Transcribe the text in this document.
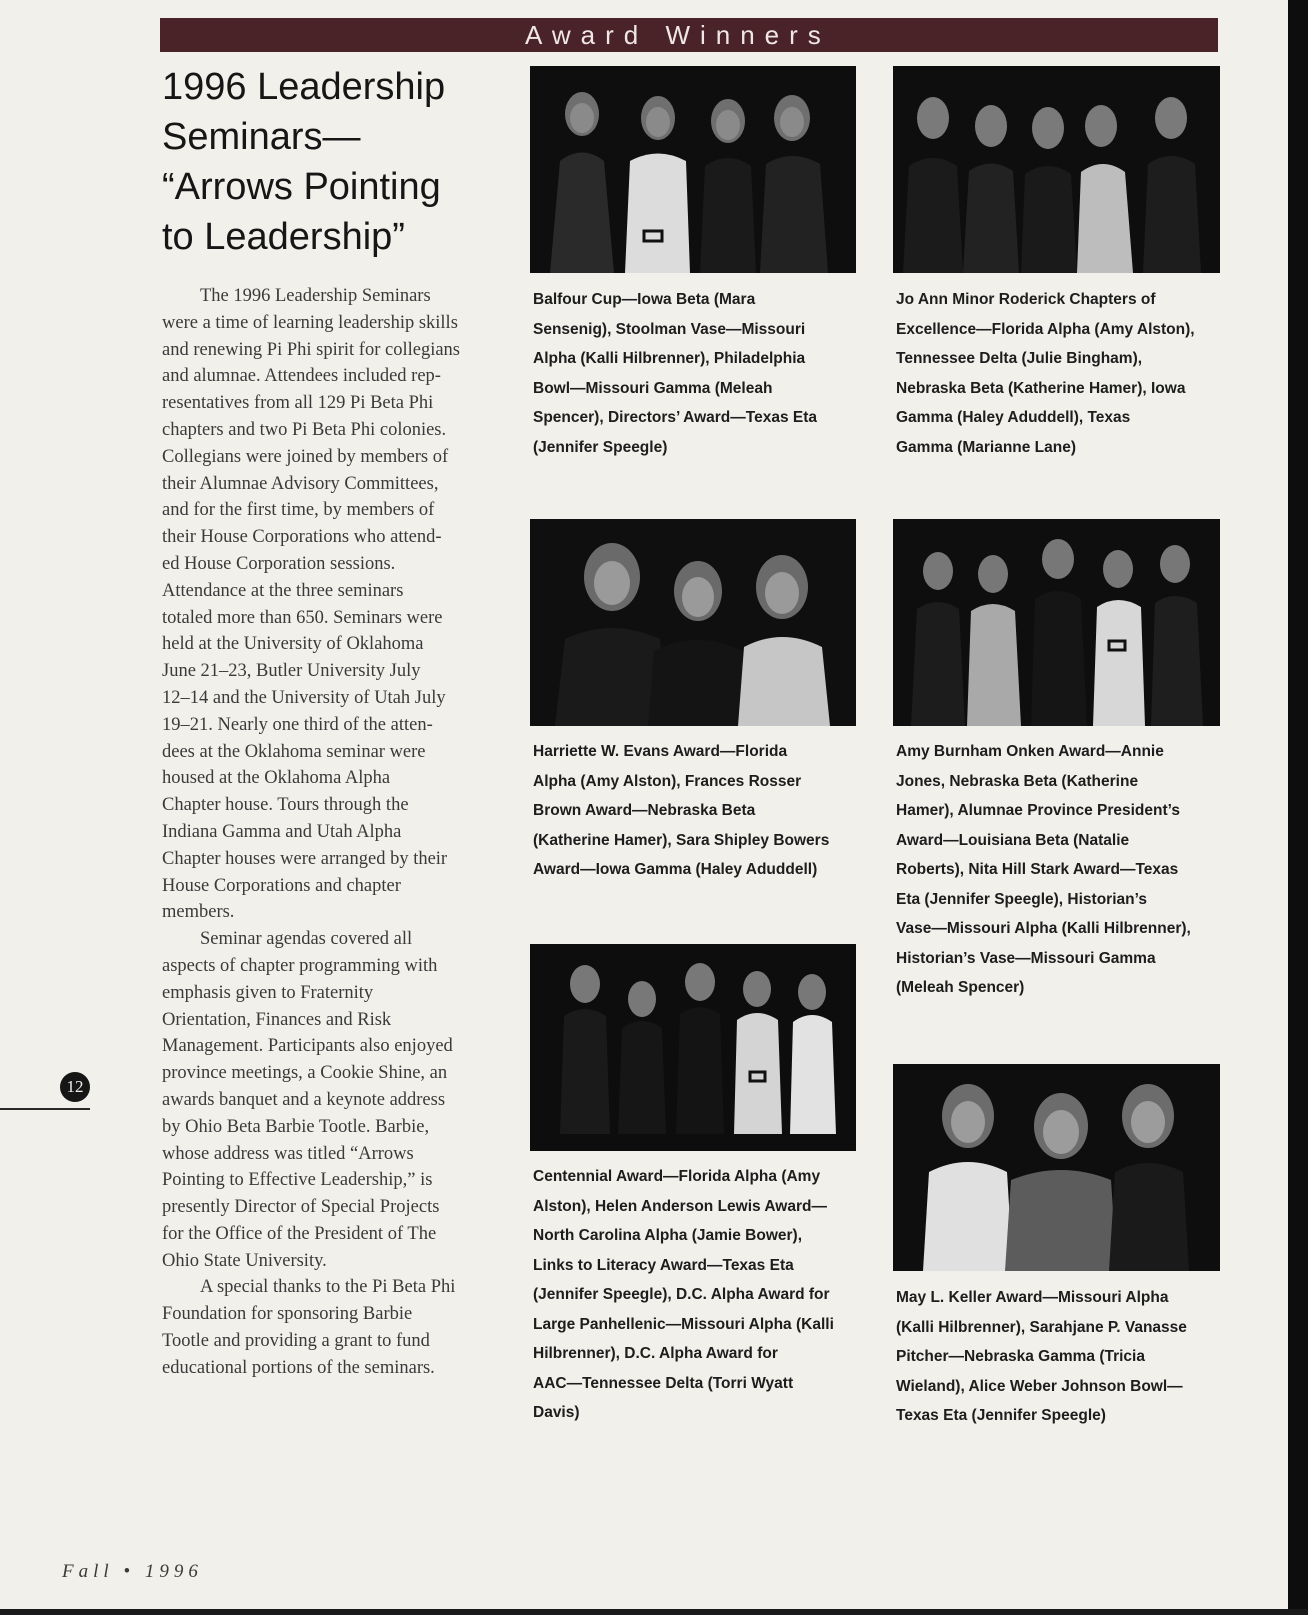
Award Winners
1996 Leadership
Seminars—
“Arrows Pointing
to Leadership”

The 1996 Leadership Seminars
were a time of learning leadership skills
and renewing Pi Phi spirit for collegians
and alumnae. Attendees included rep-
resentatives from all 129 Pi Beta Phi
chapters and two Pi Beta Phi colonies.
Collegians were joined by members of
their Alumnae Advisory Committees,
and for the first time, by members of
their House Corporations who attend-
ed House Corporation sessions.
Attendance at the three seminars
totaled more than 650. Seminars were
held at the University of Oklahoma
June 21–23, Butler University July
12–14 and the University of Utah July
19–21. Nearly one third of the atten-
dees at the Oklahoma seminar were
housed at the Oklahoma Alpha
Chapter house. Tours through the
Indiana Gamma and Utah Alpha
Chapter houses were arranged by their
House Corporations and chapter
members.

Seminar agendas covered all
aspects of chapter programming with
emphasis given to Fraternity
Orientation, Finances and Risk
Management. Participants also enjoyed
province meetings, a Cookie Shine, an
awards banquet and a keynote address
by Ohio Beta Barbie Tootle. Barbie,
whose address was titled “Arrows
Pointing to Effective Leadership,” is
presently Director of Special Projects
for the Office of the President of The
Ohio State University.

A special thanks to the Pi Beta Phi
Foundation for sponsoring Barbie
Tootle and providing a grant to fund
educational portions of the seminars.

12
Fall • 1996
Balfour Cup—Iowa Beta (Mara
Sensenig), Stoolman Vase—Missouri
Alpha (Kalli Hilbrenner), Philadelphia
Bowl—Missouri Gamma (Meleah
Spencer), Directors’ Award—Texas Eta
(Jennifer Speegle)
Jo Ann Minor Roderick Chapters of
Excellence—Florida Alpha (Amy Alston),
Tennessee Delta (Julie Bingham),
Nebraska Beta (Katherine Hamer), Iowa
Gamma (Haley Aduddell), Texas
Gamma (Marianne Lane)
Harriette W. Evans Award—Florida
Alpha (Amy Alston), Frances Rosser
Brown Award—Nebraska Beta
(Katherine Hamer), Sara Shipley Bowers
Award—Iowa Gamma (Haley Aduddell)
Amy Burnham Onken Award—Annie
Jones, Nebraska Beta (Katherine
Hamer), Alumnae Province President’s
Award—Louisiana Beta (Natalie
Roberts), Nita Hill Stark Award—Texas
Eta (Jennifer Speegle), Historian’s
Vase—Missouri Alpha (Kalli Hilbrenner),
Historian’s Vase—Missouri Gamma
(Meleah Spencer)
Centennial Award—Florida Alpha (Amy
Alston), Helen Anderson Lewis Award—
North Carolina Alpha (Jamie Bower),
Links to Literacy Award—Texas Eta
(Jennifer Speegle), D.C. Alpha Award for
Large Panhellenic—Missouri Alpha (Kalli
Hilbrenner), D.C. Alpha Award for
AAC—Tennessee Delta (Torri Wyatt
Davis)
May L. Keller Award—Missouri Alpha
(Kalli Hilbrenner), Sarahjane P. Vanasse
Pitcher—Nebraska Gamma (Tricia
Wieland), Alice Weber Johnson Bowl—
Texas Eta (Jennifer Speegle)
